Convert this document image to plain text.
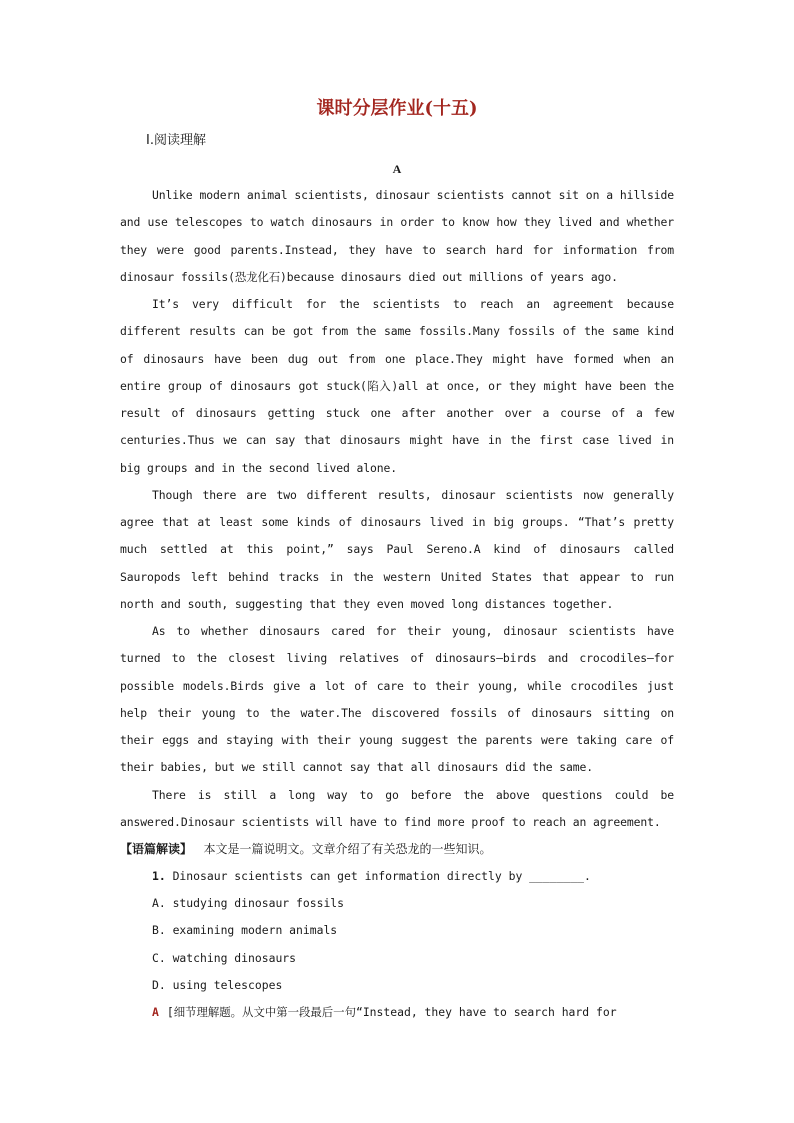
课时分层作业(十五)

Ⅰ.阅读理解

A

Unlike modern animal scientists, dinosaur scientists cannot sit on a hillside and use telescopes to watch dinosaurs in order to know how they lived and whether they were good parents.Instead, they have to search hard for information from dinosaur fossils(恐龙化石)because dinosaurs died out millions of years ago.

It’s very difficult for the scientists to reach an agreement because different results can be got from the same fossils.Many fossils of the same kind of dinosaurs have been dug out from one place.They might have formed when an entire group of dinosaurs got stuck(陷入)all at once, or they might have been the result of dinosaurs getting stuck one after another over a course of a few centuries.Thus we can say that dinosaurs might have in the first case lived in big groups and in the second lived alone.

Though there are two different results, dinosaur scientists now generally agree that at least some kinds of dinosaurs lived in big groups. “That’s pretty much settled at this point,” says Paul Sereno.A kind of dinosaurs called Sauropods left behind tracks in the western United States that appear to run north and south, suggesting that they even moved long distances together.

As to whether dinosaurs cared for their young, dinosaur scientists have turned to the closest living relatives of dinosaurs—birds and crocodiles—for possible models.Birds give a lot of care to their young, while crocodiles just help their young to the water.The discovered fossils of dinosaurs sitting on their eggs and staying with their young suggest the parents were taking care of their babies, but we still cannot say that all dinosaurs did the same.

There is still a long way to go before the above questions could be answered.Dinosaur scientists will have to find more proof to reach an agreement.

【语篇解读】 本文是一篇说明文。文章介绍了有关恐龙的一些知识。

1. Dinosaur scientists can get information directly by ________.

A. studying dinosaur fossils

B. examining modern animals

C. watching dinosaurs

D. using telescopes

A [细节理解题。从文中第一段最后一句“Instead, they have to search hard for
